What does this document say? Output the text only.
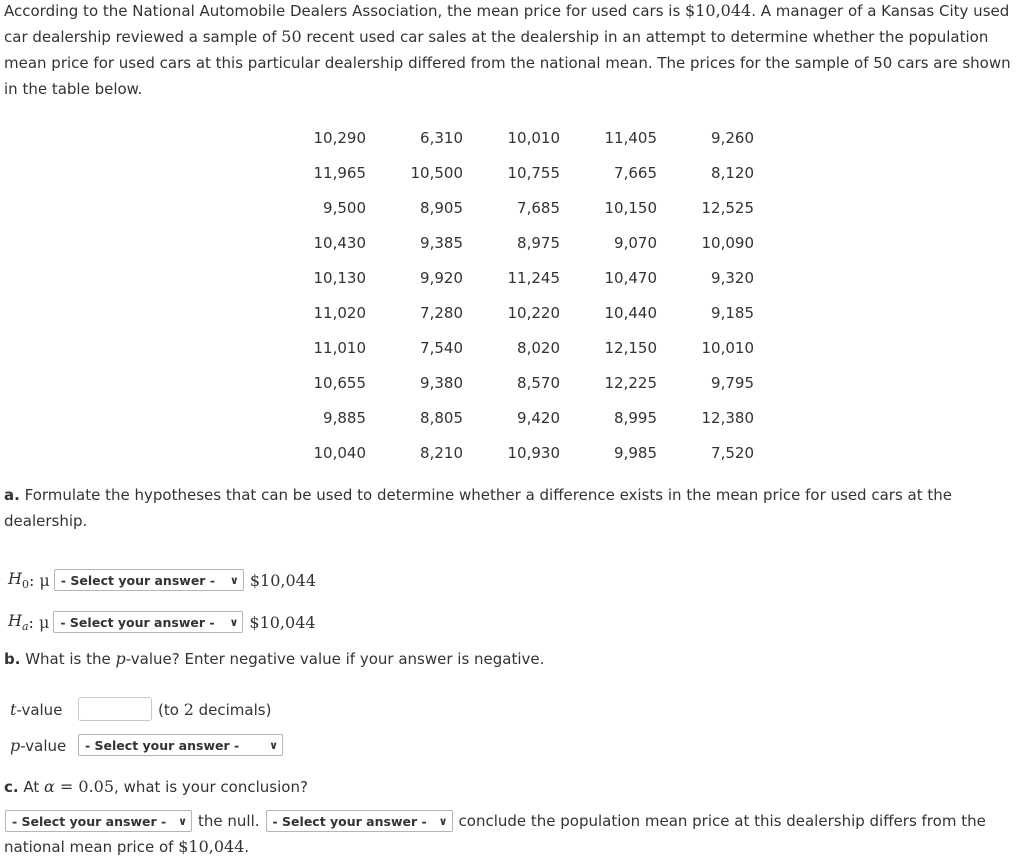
According to the National Automobile Dealers Association, the mean price for used cars is $10,044. A manager of a Kansas City used car dealership reviewed a sample of 50 recent used car sales at the dealership in an attempt to determine whether the population mean price for used cars at this particular dealership differed from the national mean. The prices for the sample of 50 cars are shown in the table below.

10,290	6,310	10,010	11,405	9,260
11,965	10,500	10,755	7,665	8,120
9,500	8,905	7,685	10,150	12,525
10,430	9,385	8,975	9,070	10,090
10,130	9,920	11,245	10,470	9,320
11,020	7,280	10,220	10,440	9,185
11,010	7,540	8,020	12,150	10,010
10,655	9,380	8,570	12,225	9,795
9,885	8,805	9,420	8,995	12,380
10,040	8,210	10,930	9,985	7,520

a. Formulate the hypotheses that can be used to determine whether a difference exists in the mean price for used cars at the dealership.

$H_0$ : μ - Select your answer - ∨ $10,044
$H_a$ : μ - Select your answer - ∨ $10,044

b. What is the p-value? Enter negative value if your answer is negative.

t-value	(to 2 decimals)
p-value	- Select your answer -	∨

c. At α = 0.05, what is your conclusion?

- Select your answer - ∨ the null. - Select your answer - ∨ conclude the population mean price at this dealership differs from the

national mean price of $10,044.
